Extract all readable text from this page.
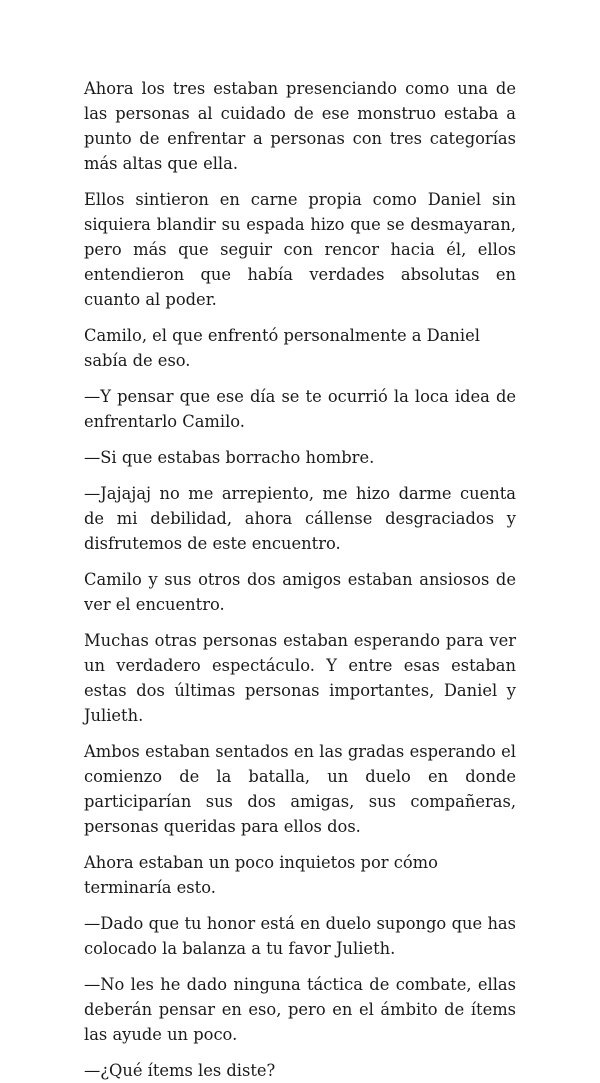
Ahora los tres estaban presenciando como una de las personas al cuidado de ese monstruo estaba a punto de enfrentar a personas con tres categorías más altas que ella.

Ellos sintieron en carne propia como Daniel sin siquiera blandir su espada hizo que se desmayaran, pero más que seguir con rencor hacia él, ellos entendieron que había verdades absolutas en cuanto al poder.

Camilo, el que enfrentó personalmente a Daniel sabía de eso.

—Y pensar que ese día se te ocurrió la loca idea de enfrentarlo Camilo.

—Si que estabas borracho hombre.

—Jajajaj no me arrepiento, me hizo darme cuenta de mi debilidad, ahora cállense desgraciados y disfrutemos de este encuentro.

Camilo y sus otros dos amigos estaban ansiosos de ver el encuentro.

Muchas otras personas estaban esperando para ver un verdadero espectáculo. Y entre esas estaban estas dos últimas personas importantes, Daniel y Julieth.

Ambos estaban sentados en las gradas esperando el comienzo de la batalla, un duelo en donde participarían sus dos amigas, sus compañeras, personas queridas para ellos dos.

Ahora estaban un poco inquietos por cómo terminaría esto.

—Dado que tu honor está en duelo supongo que has colocado la balanza a tu favor Julieth.

—No les he dado ninguna táctica de combate, ellas deberán pensar en eso, pero en el ámbito de ítems las ayude un poco.

—¿Qué ítems les diste?
